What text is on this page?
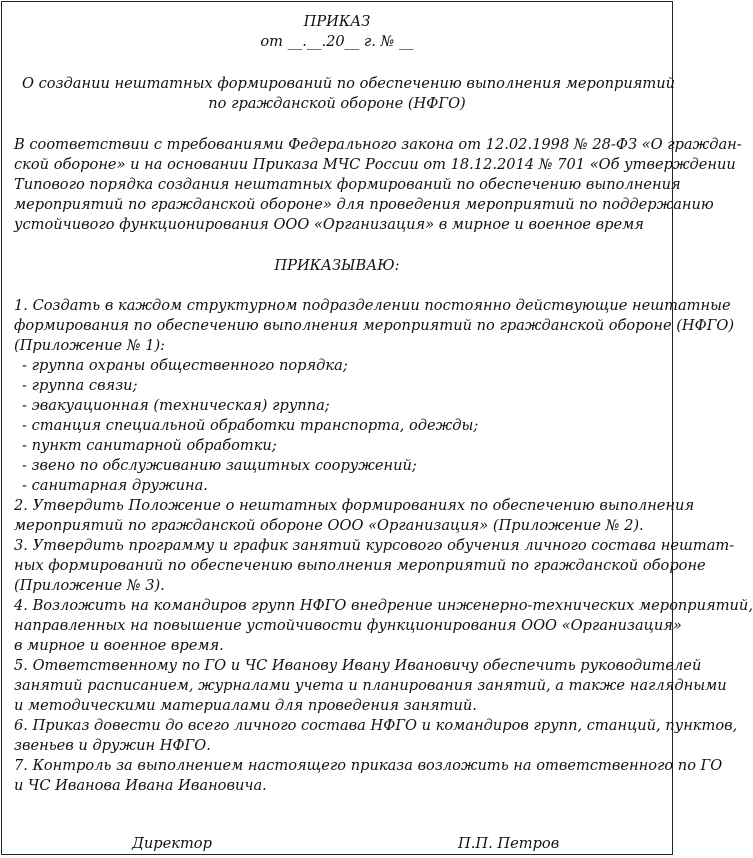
ПРИКАЗ
от __.__.20__ г. № __
О создании нештатных формирований по обеспечению выполнения мероприятий
по гражданской обороне (НФГО)
В соответствии с требованиями Федерального закона от 12.02.1998 № 28-ФЗ «О граждан-
ской обороне» и на основании Приказа МЧС России от 18.12.2014 № 701 «Об утверждении
Типового порядка создания нештатных формирований по обеспечению выполнения
мероприятий по гражданской обороне» для проведения мероприятий по поддержанию
устойчивого функционирования ООО «Организация» в мирное и военное время
ПРИКАЗЫВАЮ:
1. Создать в каждом структурном подразделении постоянно действующие нештатные
формирования по обеспечению выполнения мероприятий по гражданской обороне (НФГО)
(Приложение № 1):
- группа охраны общественного порядка;
- группа связи;
- эвакуационная (техническая) группа;
- станция специальной обработки транспорта, одежды;
- пункт санитарной обработки;
- звено по обслуживанию защитных сооружений;
- санитарная дружина.
2. Утвердить Положение о нештатных формированиях по обеспечению выполнения
мероприятий по гражданской обороне ООО «Организация» (Приложение № 2).
3. Утвердить программу и график занятий курсового обучения личного состава нештат-
ных формирований по обеспечению выполнения мероприятий по гражданской обороне
(Приложение № 3).
4. Возложить на командиров групп НФГО внедрение инженерно-технических мероприятий,
направленных на повышение устойчивости функционирования ООО «Организация»
в мирное и военное время.
5. Ответственному по ГО и ЧС Иванову Ивану Ивановичу обеспечить руководителей
занятий расписанием, журналами учета и планирования занятий, а также наглядными
и методическими материалами для проведения занятий.
6. Приказ довести до всего личного состава НФГО и командиров групп, станций, пунктов,
звеньев и дружин НФГО.
7. Контроль за выполнением настоящего приказа возложить на ответственного по ГО
и ЧС Иванова Ивана Ивановича.
Директор	П.П. Петров
